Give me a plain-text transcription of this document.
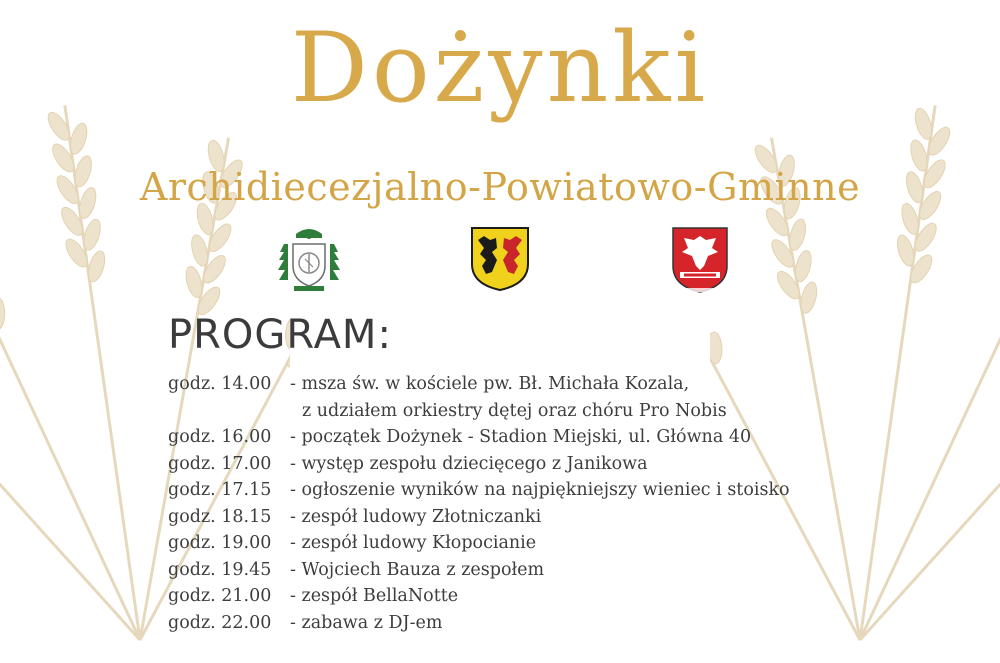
Dożynki
Archidiecezjalno-Powiatowo-Gminne
PROGRAM:
godz. 14.00	- msza św. w kościele pw. Bł. Michała Kozala,
z udziałem orkiestry dętej oraz chóru Pro Nobis
godz. 16.00	- początek Dożynek - Stadion Miejski, ul. Główna 40
godz. 17.00	- występ zespołu dziecięcego z Janikowa
godz. 17.15	- ogłoszenie wyników na najpiękniejszy wieniec i stoisko
godz. 18.15	- zespół ludowy Złotniczanki
godz. 19.00	- zespół ludowy Kłopocianie
godz. 19.45	- Wojciech Bauza z zespołem
godz. 21.00	- zespół BellaNotte
godz. 22.00	- zabawa z DJ-em
